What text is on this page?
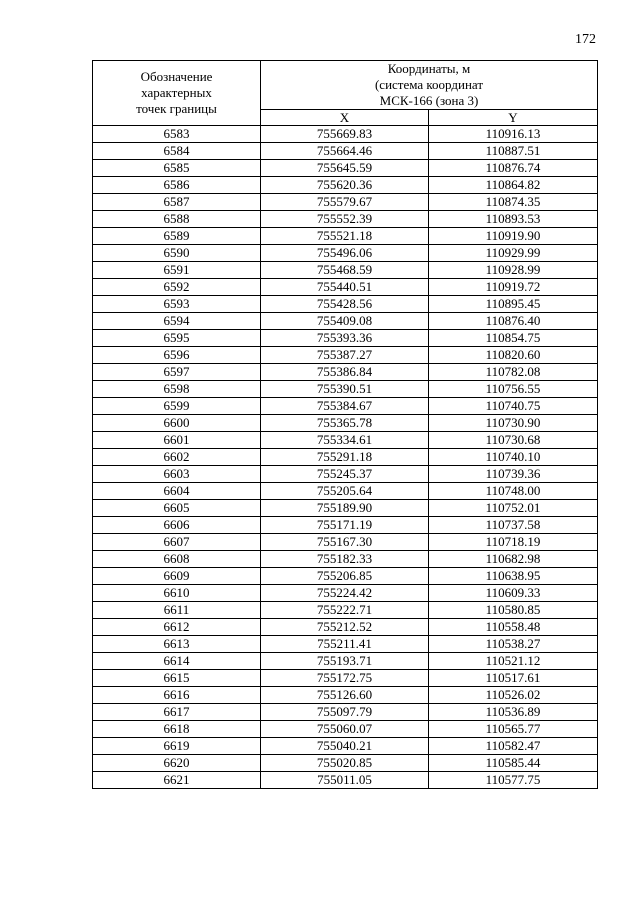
172
Обозначение
характерных
точек границы	Координаты, м
(система координат
МСК-166 (зона 3)	

	X	Y
6583	755669.83	110916.13
6584	755664.46	110887.51
6585	755645.59	110876.74
6586	755620.36	110864.82
6587	755579.67	110874.35
6588	755552.39	110893.53
6589	755521.18	110919.90
6590	755496.06	110929.99
6591	755468.59	110928.99
6592	755440.51	110919.72
6593	755428.56	110895.45
6594	755409.08	110876.40
6595	755393.36	110854.75
6596	755387.27	110820.60
6597	755386.84	110782.08
6598	755390.51	110756.55
6599	755384.67	110740.75
6600	755365.78	110730.90
6601	755334.61	110730.68
6602	755291.18	110740.10
6603	755245.37	110739.36
6604	755205.64	110748.00
6605	755189.90	110752.01
6606	755171.19	110737.58
6607	755167.30	110718.19
6608	755182.33	110682.98
6609	755206.85	110638.95
6610	755224.42	110609.33
6611	755222.71	110580.85
6612	755212.52	110558.48
6613	755211.41	110538.27
6614	755193.71	110521.12
6615	755172.75	110517.61
6616	755126.60	110526.02
6617	755097.79	110536.89
6618	755060.07	110565.77
6619	755040.21	110582.47
6620	755020.85	110585.44
6621	755011.05	110577.75
